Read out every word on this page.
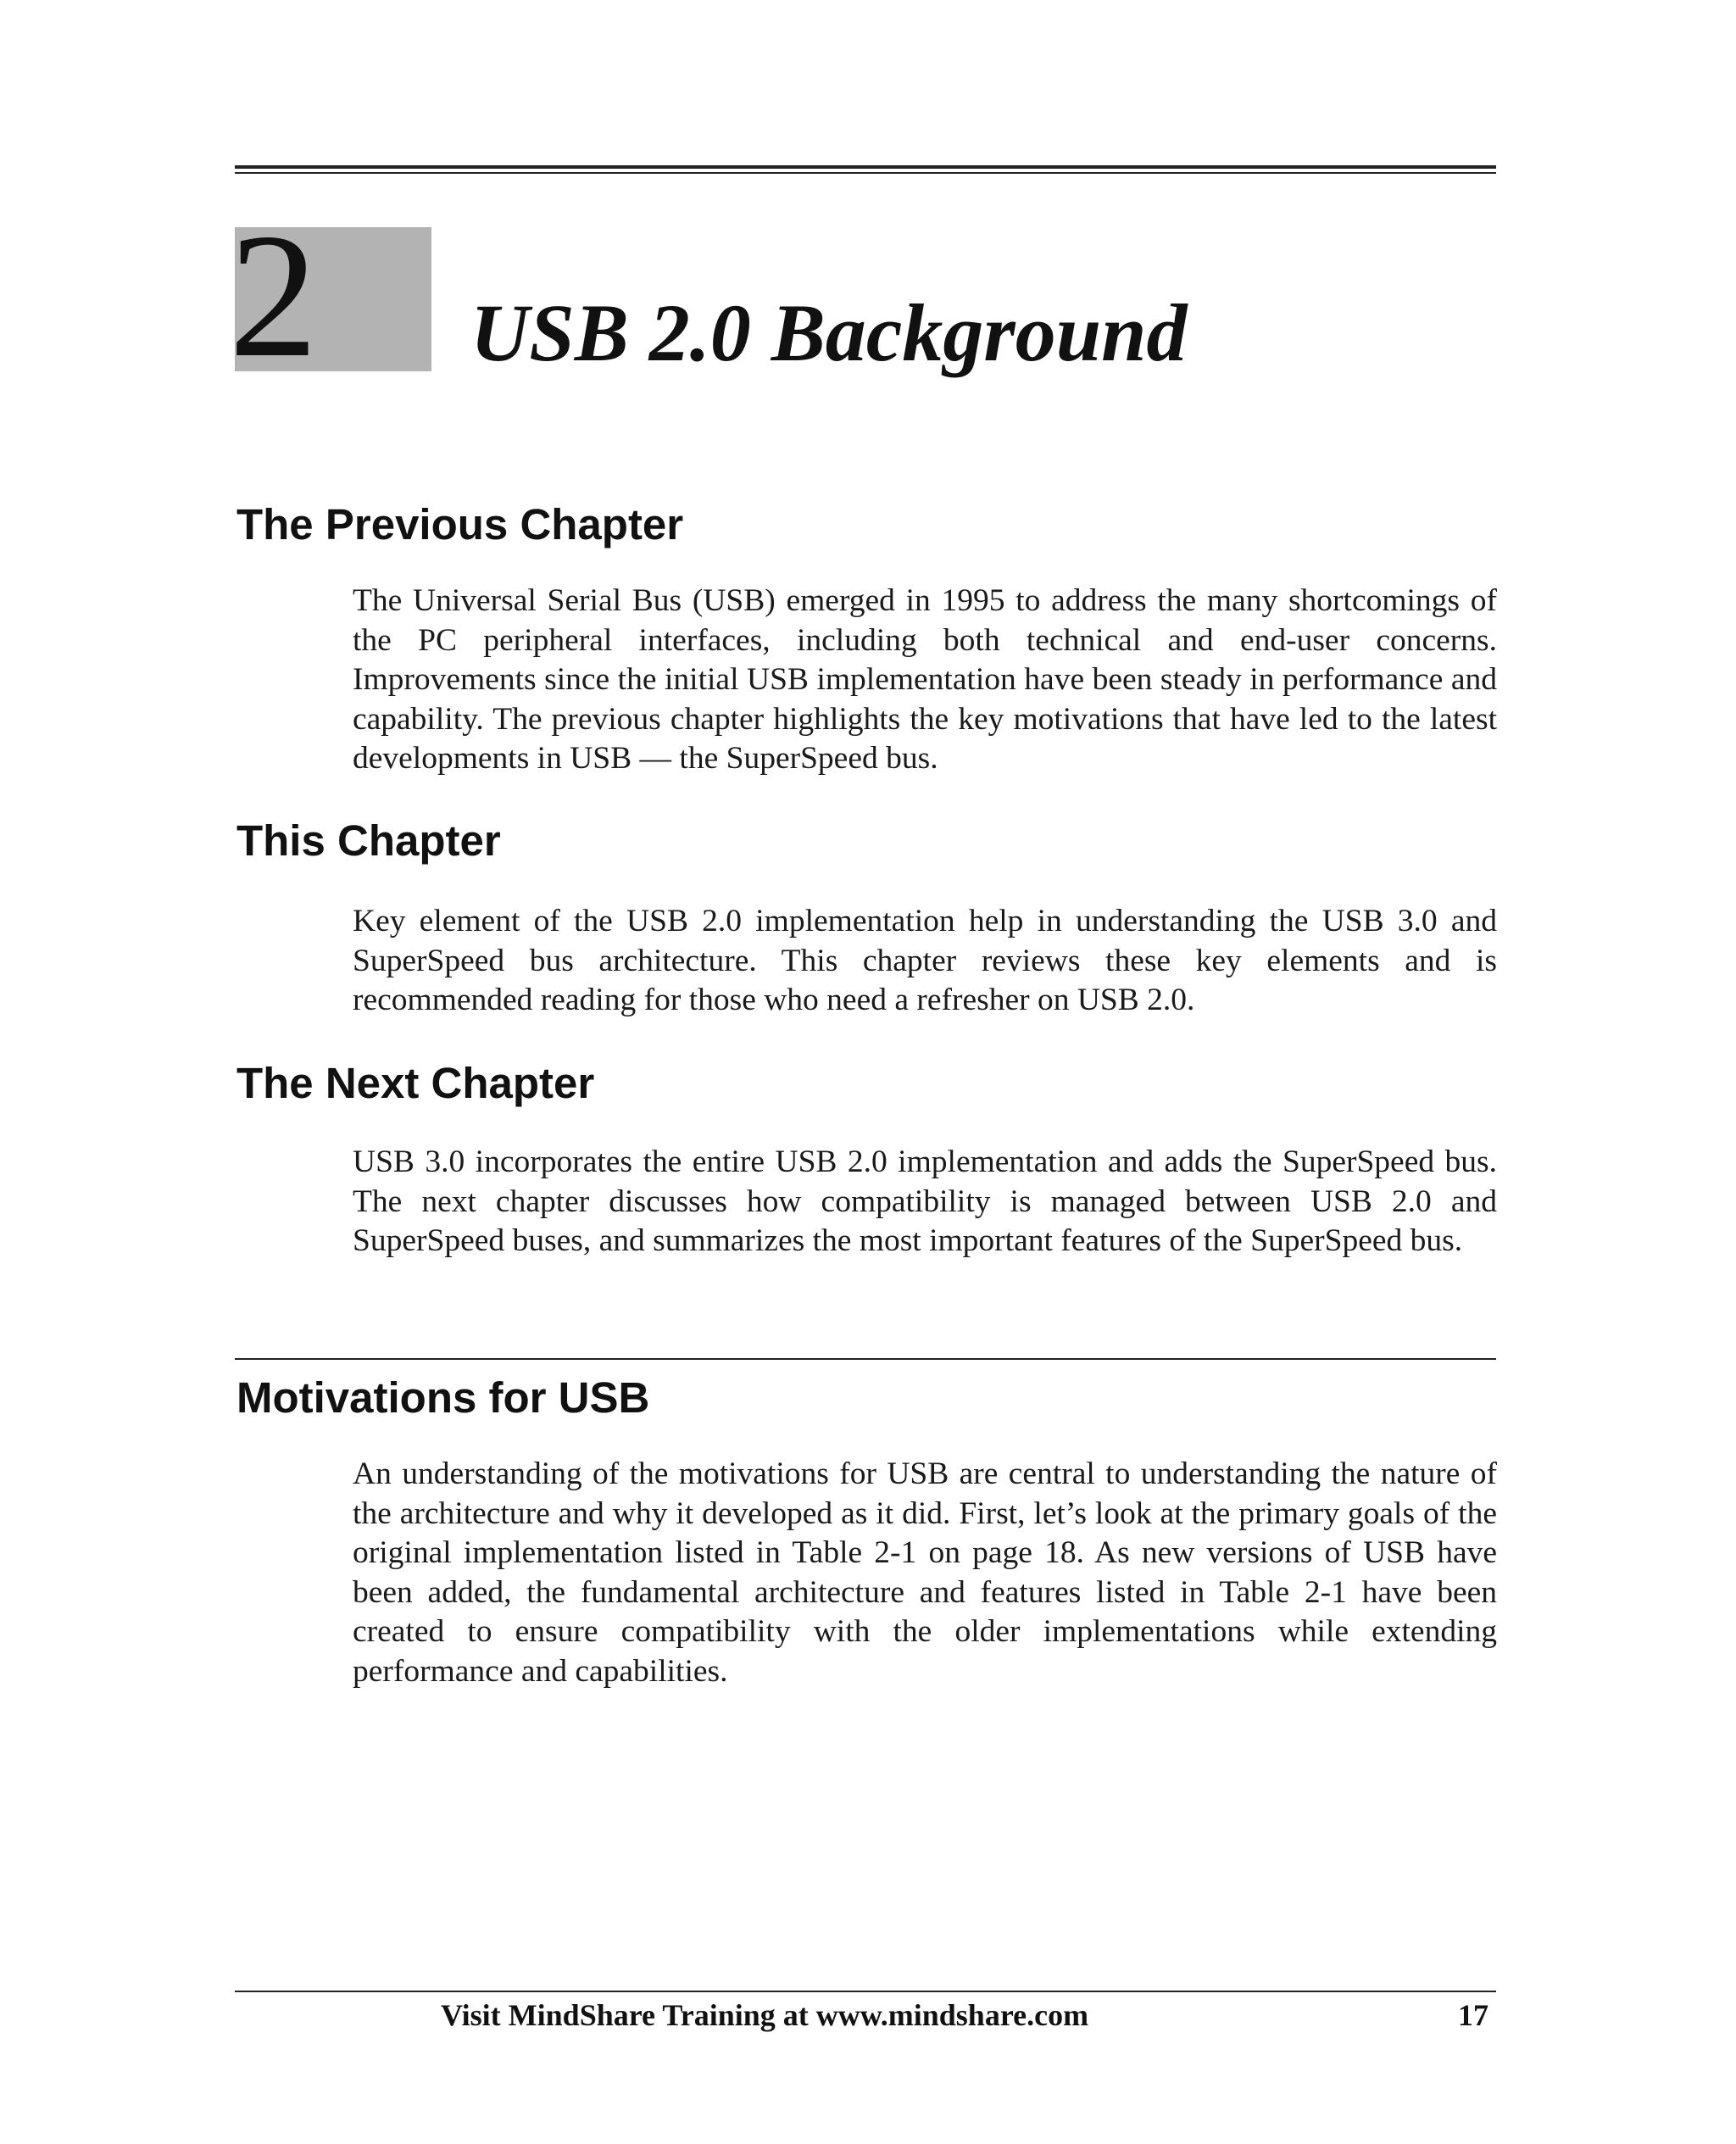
2 USB 2.0 Background
The Previous Chapter
The Universal Serial Bus (USB) emerged in 1995 to address the many shortcomings of the PC peripheral interfaces, including both technical and end-user concerns. Improvements since the initial USB implementation have been steady in performance and capability. The previous chapter highlights the key motivations that have led to the latest developments in USB — the SuperSpeed bus.
This Chapter
Key element of the USB 2.0 implementation help in understanding the USB 3.0 and SuperSpeed bus architecture. This chapter reviews these key elements and is recommended reading for those who need a refresher on USB 2.0.
The Next Chapter
USB 3.0 incorporates the entire USB 2.0 implementation and adds the SuperSpeed bus. The next chapter discusses how compatibility is managed between USB 2.0 and SuperSpeed buses, and summarizes the most important features of the SuperSpeed bus.
Motivations for USB
An understanding of the motivations for USB are central to understanding the nature of the architecture and why it developed as it did. First, let’s look at the primary goals of the original implementation listed in Table 2-1 on page 18. As new versions of USB have been added, the fundamental architecture and features listed in Table 2-1 have been created to ensure compatibility with the older implementations while extending performance and capabilities.
Visit MindShare Training at www.mindshare.com	17
